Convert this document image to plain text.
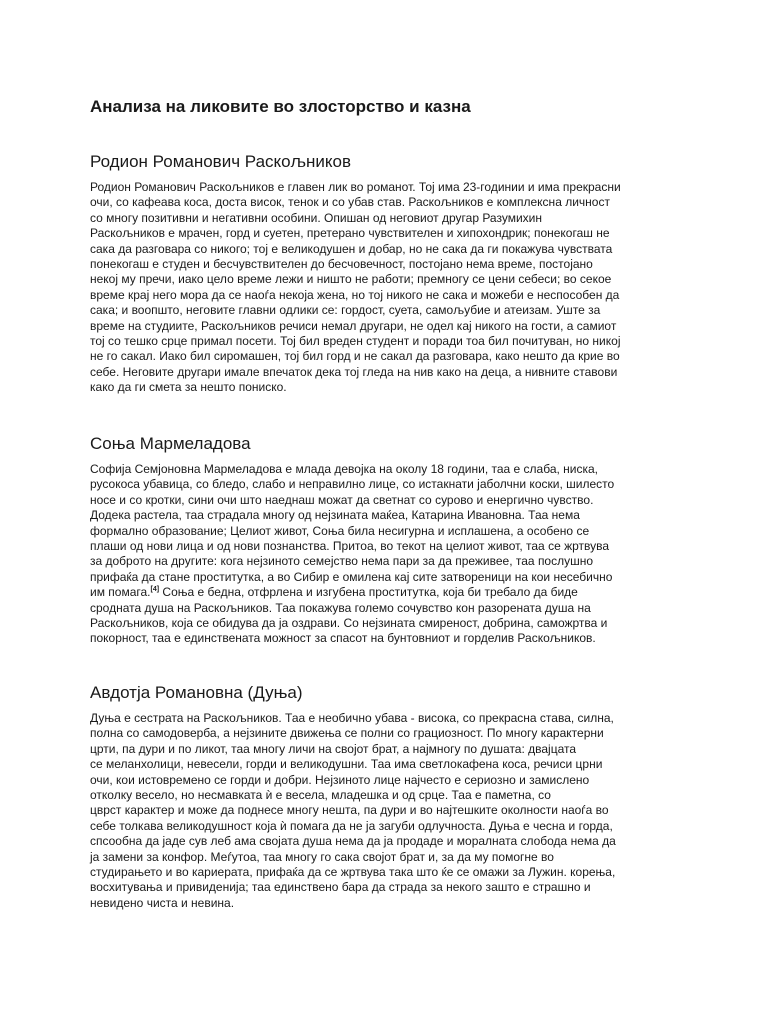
Анализа на ликовите во злосторство и казна
Родион Романович Раскољников
Родион Романович Раскољников е главен лик во романот. Тој има 23-годинии и има прекрасни
очи, со кафеава коса, доста висок, тенок и со убав став. Раскољников е комплексна личност
со многу позитивни и негативни особини. Опишан од неговиот другар Разумихин
Раскољников е мрачен, горд и суетен, претерано чувствителен и хипохондрик; понекогаш не
сака да разговара со никого; тој е великодушен и добар, но не сака да ги покажува чувствата
понекогаш е студен и бесчувствителен до бесчовечност, постојано нема време, постојано
некој му пречи, иако цело време лежи и ништо не работи; премногу се цени себеси; во секое
време крај него мора да се наоѓа некоја жена, но тој никого не сака и можеби е неспособен да
сака; и воопшто, неговите главни одлики се: гордост, суета, самољубие и атеизам. Уште за
време на студиите, Раскољников речиси немал другари, не одел кај никого на гости, а самиот
тој со тешко срце примал посети. Тој бил вреден студент и поради тоа бил почитуван, но никој
не го сакал. Иако бил сиромашен, тој бил горд и не сакал да разговара, како нешто да крие во
себе. Неговите другари имале впечаток дека тој гледа на нив како на деца, а нивните ставови
како да ги смета за нешто пониско.
Соња Мармеладова
Софија Семјоновна Мармеладова е млада девојка на околу 18 години, таа е слаба, ниска,
русокоса убавица, со бледо, слабо и неправилно лице, со истакнати јаболчни коски, шилесто
носе и со кротки, сини очи што наеднаш можат да светнат со сурово и енергично чувство.
Додека растела, таа страдала многу од нејзината маќеа, Катарина Ивановна. Таа нема
формално образование; Целиот живот, Соња била несигурна и исплашена, а особено се
плаши од нови лица и од нови познанства. Притоа, во текот на целиот живот, таа се жртвува
за доброто на другите: кога нејзиното семејство нема пари за да преживее, таа послушно
прифаќа да стане проститутка, а во Сибир е омилена кај сите затвореници на кои несебично
им помага.[4] Соња е бедна, отфрлена и изгубена проститутка, која би требало да биде
сродната душа на Раскољников. Таа покажува големо сочувство кон разорената душа на
Раскољников, која се обидува да ја оздрави. Со нејзината смиреност, добрина, саможртва и
покорност, таа е единствената можност за спасот на бунтовниот и горделив Раскољников.
Авдотја Романовна (Дуња)
Дуња е сестрата на Раскољников. Таа е необично убава - висока, со прекрасна става, силна,
полна со самодоверба, а нејзините движења се полни со грациозност. По многу карактерни
црти, па дури и по ликот, таа многу личи на својот брат, а најмногу по душата: дваjцата
се меланхолици, невесели, горди и великодушни. Таа има светлокафена коса, речиси црни
очи, кои истовремено се горди и добри. Нејзиното лице најчесто е сериозно и замислено
отколку весело, но несмавката ѝ е весела, младешка и од срце. Таа е паметна, со
цврст карактер и може да поднесе многу нешта, па дури и во најтешките околности наоѓа во
себе толкава великодушност која ѝ помага да не ја загуби одлучноста. Дуња е чесна и горда,
спсообна да јаде сув леб ама својата душа нема да ја продаде и моралната слобода нема да
ја замени за конфор. Меѓутоа, таа многу го сака својот брат и, за да му помогне во
студирањето и во кариерата, прифаќа да се жртвува така што ќе се омажи за Лужин. корења,
восхитувања и привиденија; таа единствено бара да страда за некого зашто е страшно и
невидено чиста и невина.
